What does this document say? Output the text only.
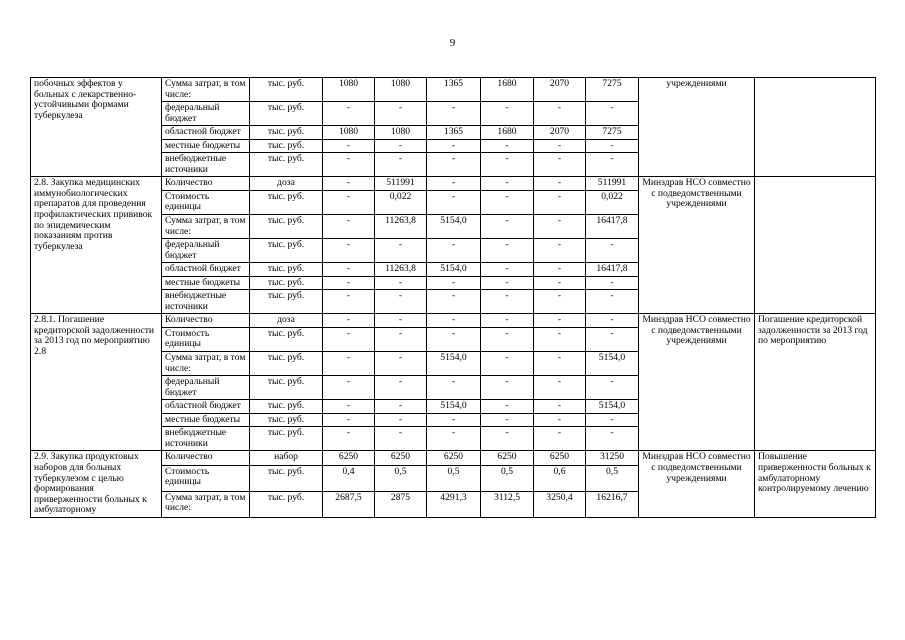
9
побочных эффектов у больных с лекарственно-устойчивыми формами туберкулеза	Сумма затрат, в том числе:	тыс. руб.	1080	1080	1365	1680	2070	7275	учреждениями	
	федеральный бюджет	тыс. руб.	-	-	-	-	-	-		
	областной бюджет	тыс. руб.	1080	1080	1365	1680	2070	7275		
	местные бюджеты	тыс. руб.	-	-	-	-	-	-		
	внебюджетные источники	тыс. руб.	-	-	-	-	-	-		
2.8. Закупка медицинских иммунобиологических препаратов для проведения профилактических прививок по эпидемическим показаниям против туберкулеза	Количество	доза	-	511991	-	-	-	511991	Минздрав НСО совместно с подведомственными учреждениями	
	Стоимость единицы	тыс. руб.	-	0,022	-	-	-	0,022		
	Сумма затрат, в том числе:	тыс. руб.	-	11263,8	5154,0	-	-	16417,8		
	федеральный бюджет	тыс. руб.	-	-	-	-	-	-		
	областной бюджет	тыс. руб.	-	11263,8	5154,0	-	-	16417,8		
	местные бюджеты	тыс. руб.	-	-	-	-	-	-		
	внебюджетные источники	тыс. руб.	-	-	-	-	-	-		
2.8.1. Погашение кредиторской задолженности за 2013 год по мероприятию 2.8	Количество	доза	-	-	-	-	-	-	Минздрав НСО совместно с подведомственными учреждениями	Погашение кредиторской задолженности за 2013 год по мероприятию
	Стоимость единицы	тыс. руб.	-	-	-	-	-	-		
	Сумма затрат, в том числе:	тыс. руб.	-	-	5154,0	-	-	5154,0		
	федеральный бюджет	тыс. руб.	-	-	-	-	-	-		
	областной бюджет	тыс. руб.	-	-	5154,0	-	-	5154,0		
	местные бюджеты	тыс. руб.	-	-	-	-	-	-		
	внебюджетные источники	тыс. руб.	-	-	-	-	-	-		
2.9. Закупка продуктовых наборов для больных туберкулезом с целью формирования приверженности больных к амбулаторному	Количество	набор	6250	6250	6250	6250	6250	31250	Минздрав НСО совместно с подведомственными учреждениями	Повышение приверженности больных к амбулаторному контролируемому лечению
	Стоимость единицы	тыс. руб.	0,4	0,5	0,5	0,5	0,6	0,5		
	Сумма затрат, в том числе:	тыс. руб.	2687,5	2875	4291,3	3112,5	3250,4	16216,7		
